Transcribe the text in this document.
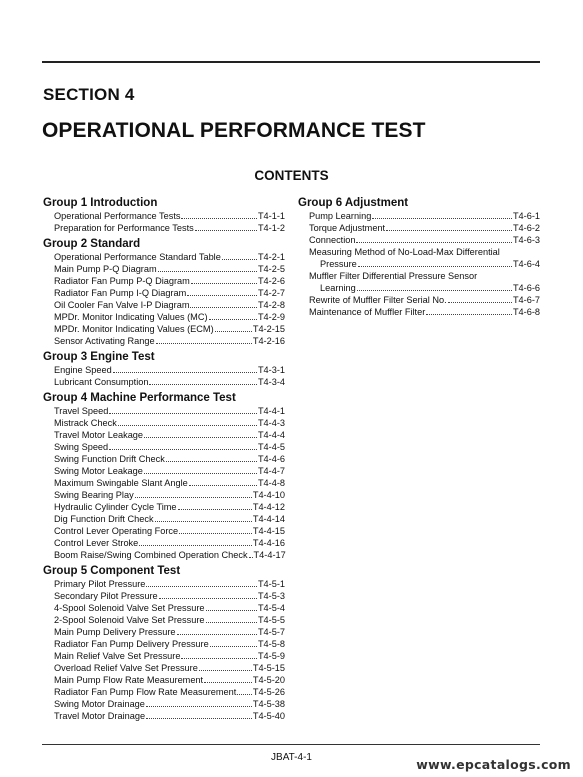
SECTION 4
OPERATIONAL PERFORMANCE TEST
CONTENTS
Group 1 Introduction
Operational Performance Tests	T4-1-1
Preparation for Performance Tests	T4-1-2
Group 2 Standard
Operational Performance Standard Table	T4-2-1
Main Pump P-Q Diagram	T4-2-5
Radiator Fan Pump P-Q Diagram	T4-2-6
Radiator Fan Pump I-Q Diagram	T4-2-7
Oil Cooler Fan Valve I-P Diagram	T4-2-8
MPDr. Monitor Indicating Values (MC)	T4-2-9
MPDr. Monitor Indicating Values (ECM)	T4-2-15
Sensor Activating Range	T4-2-16
Group 3 Engine Test
Engine Speed	T4-3-1
Lubricant Consumption	T4-3-4
Group 4 Machine Performance Test
Travel Speed	T4-4-1
Mistrack Check	T4-4-3
Travel Motor Leakage	T4-4-4
Swing Speed	T4-4-5
Swing Function Drift Check	T4-4-6
Swing Motor Leakage	T4-4-7
Maximum Swingable Slant Angle	T4-4-8
Swing Bearing Play	T4-4-10
Hydraulic Cylinder Cycle Time	T4-4-12
Dig Function Drift Check	T4-4-14
Control Lever Operating Force	T4-4-15
Control Lever Stroke	T4-4-16
Boom Raise/Swing Combined Operation Check T4-4-17
Group 5 Component Test
Primary Pilot Pressure	T4-5-1
Secondary Pilot Pressure	T4-5-3
4-Spool Solenoid Valve Set Pressure	T4-5-4
2-Spool Solenoid Valve Set Pressure	T4-5-5
Main Pump Delivery Pressure	T4-5-7
Radiator Fan Pump Delivery Pressure	T4-5-8
Main Relief Valve Set Pressure	T4-5-9
Overload Relief Valve Set Pressure	T4-5-15
Main Pump Flow Rate Measurement	T4-5-20
Radiator Fan Pump Flow Rate Measurement T4-5-26
Swing Motor Drainage	T4-5-38
Travel Motor Drainage	T4-5-40
Group 6 Adjustment
Pump Learning	T4-6-1
Torque Adjustment	T4-6-2
Connection	T4-6-3
Measuring Method of No-Load-Max Differential
Pressure	T4-6-4
Muffler Filter Differential Pressure Sensor
Learning	T4-6-6
Rewrite of Muffler Filter Serial No.	T4-6-7
Maintenance of Muffler Filter	T4-6-8
JBAT-4-1	www.epcatalogs.com
